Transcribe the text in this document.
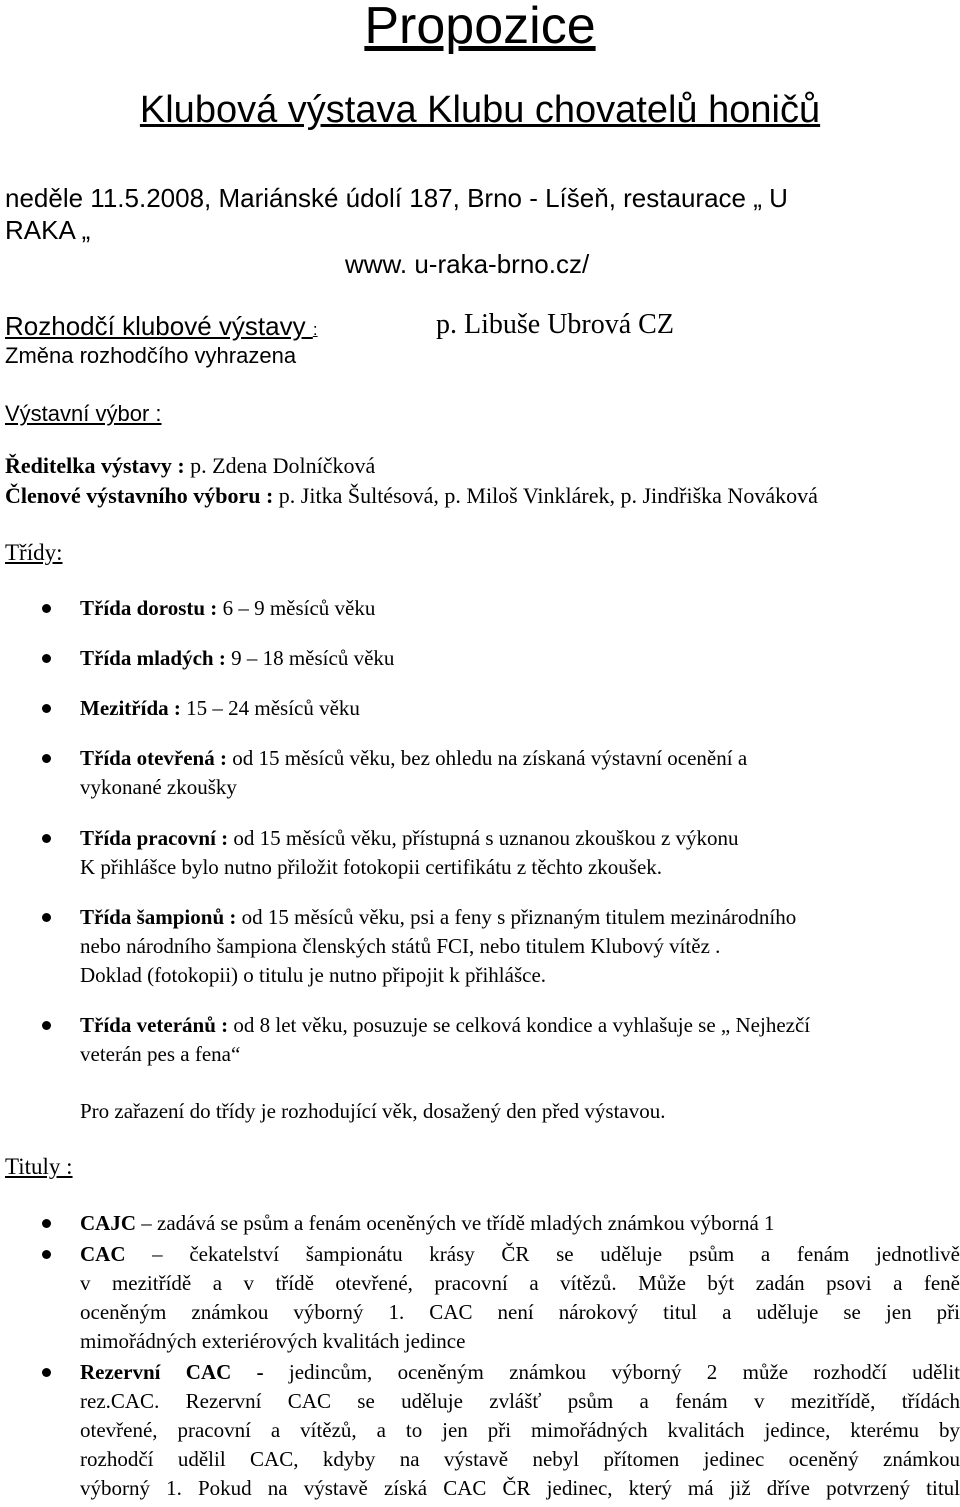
Propozice
Klubová výstava Klubu chovatelů honičů
neděle 11.5.2008, Mariánské údolí 187, Brno - Líšeň, restaurace „ U
RAKA „
www. u-raka-brno.cz/
Rozhodčí klubové výstavy :	p. Libuše Ubrová CZ
Změna rozhodčího vyhrazena
Výstavní výbor :
Ředitelka výstavy : p. Zdena Dolníčková
Členové výstavního výboru : p. Jitka Šultésová, p. Miloš Vinklárek, p. Jindřiška Nováková
Třídy:
Třída dorostu : 6 – 9 měsíců věku
Třída mladých : 9 – 18 měsíců věku
Mezitřída : 15 – 24 měsíců věku
Třída otevřená : od 15 měsíců věku, bez ohledu na získaná výstavní ocenění a
vykonané zkoušky
Třída pracovní : od 15 měsíců věku, přístupná s uznanou zkouškou z výkonu
K přihlášce bylo nutno přiložit fotokopii certifikátu z těchto zkoušek.
Třída šampionů : od 15 měsíců věku, psi a feny s přiznaným titulem mezinárodního
nebo národního šampiona členských států FCI, nebo titulem Klubový vítěz .
Doklad (fotokopii) o titulu je nutno připojit k přihlášce.
Třída veteránů : od 8 let věku, posuzuje se celková kondice a vyhlašuje se „ Nejhezčí
veterán pes a fena“
Pro zařazení do třídy je rozhodující věk, dosažený den před výstavou.
Tituly :
CAJC – zadává se psům a fenám oceněných ve třídě mladých známkou výborná 1
CAC – čekatelství šampionátu krásy ČR se uděluje psům a fenám jednotlivě
v mezitřídě a v třídě otevřené, pracovní a vítězů. Může být zadán psovi a feně
oceněným známkou výborný 1. CAC není nárokový titul a uděluje se jen při
mimořádných exteriérových kvalitách jedince
Rezervní CAC - jedincům, oceněným známkou výborný 2 může rozhodčí udělit
rez.CAC. Rezervní CAC se uděluje zvlášť psům a fenám v mezitřídě, třídách
otevřené, pracovní a vítězů, a to jen při mimořádných kvalitách jedince, kterému by
rozhodčí udělil CAC, kdyby na výstavě nebyl přítomen jedinec oceněný známkou
výborný 1. Pokud na výstavě získá CAC ČR jedinec, který má již dříve potvrzený titul
